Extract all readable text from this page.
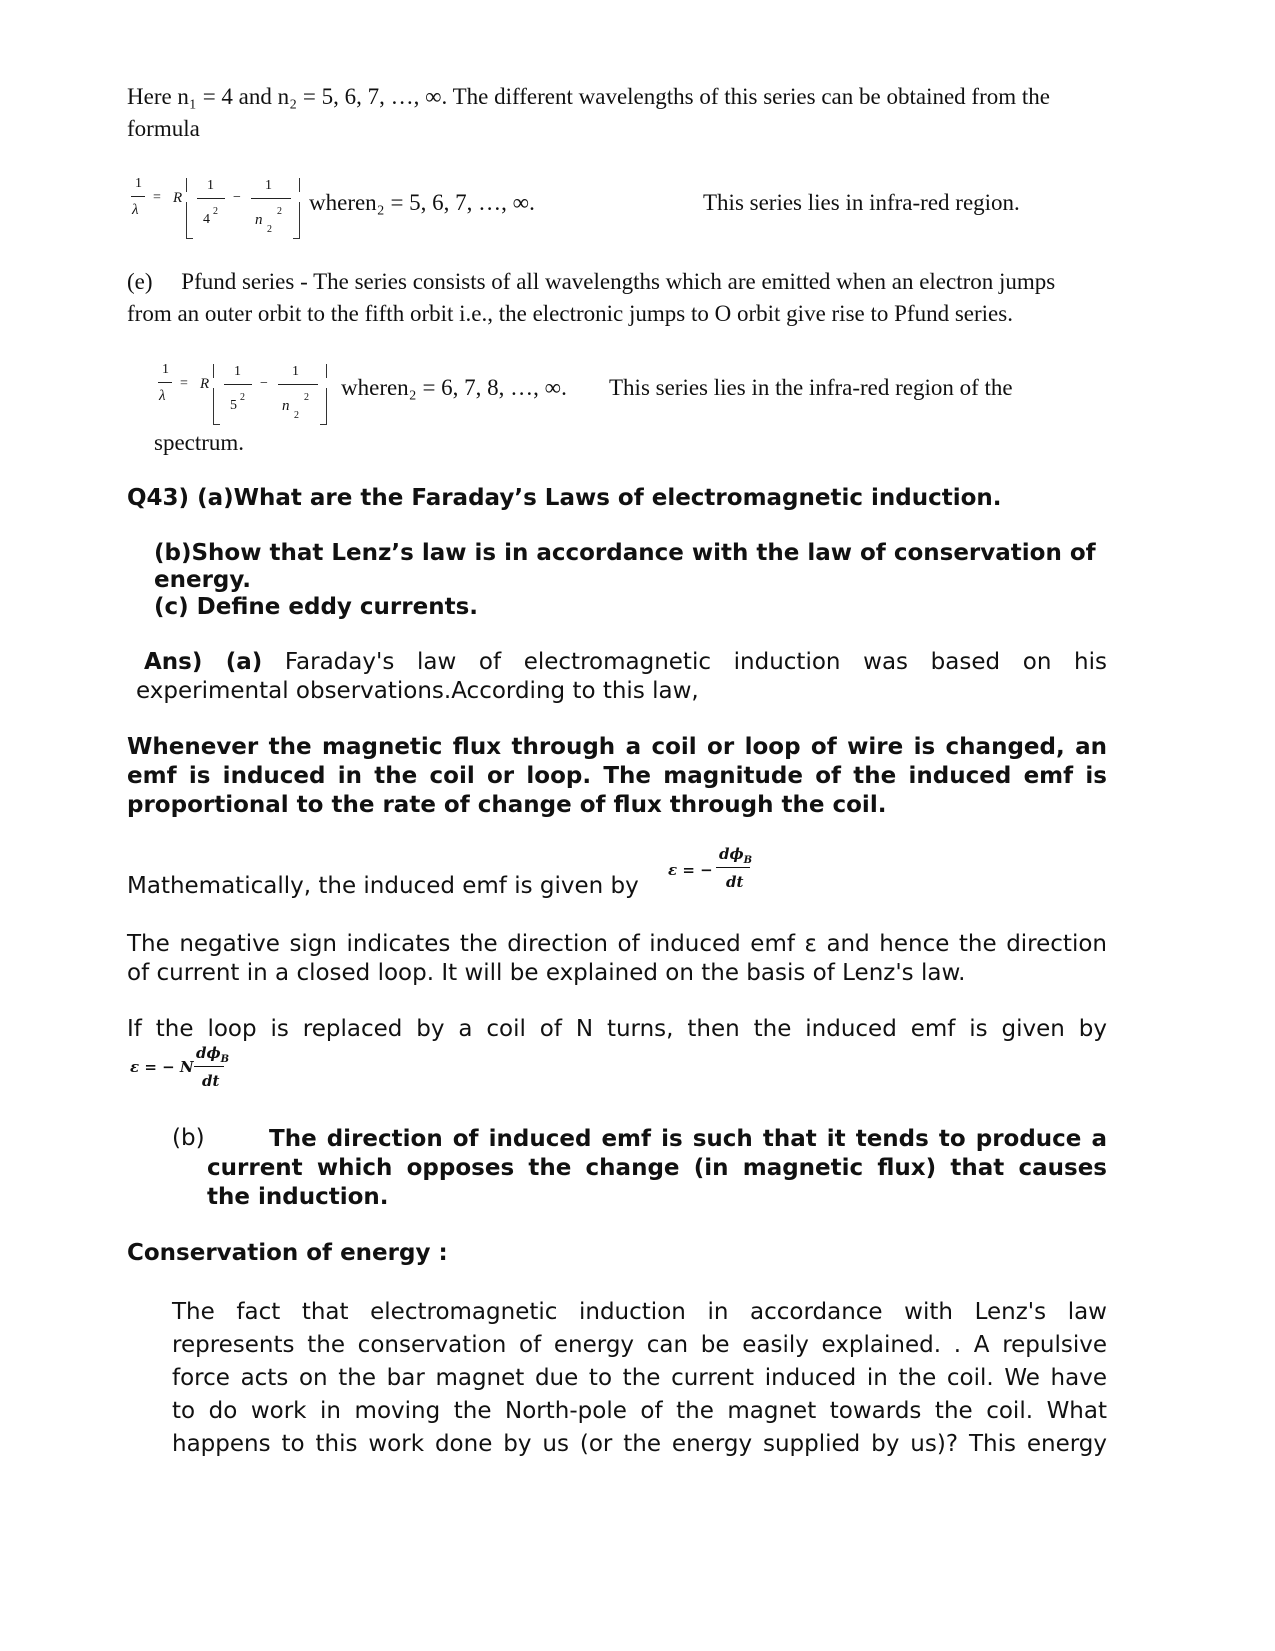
Here n₁ = 4 and n₂ = 5, 6, 7, …, ∞. The different wavelengths of this series can be obtained from the
formula
1
λ
= R
1
4
2
−
1
n
2
2 wheren₂ = 5, 6, 7, …, ∞.	This series lies in infra-red region.
(e)     Pfund series - The series consists of all wavelengths which are emitted when an electron jumps
from an outer orbit to the fifth orbit i.e., the electronic jumps to O orbit give rise to Pfund series.
1
λ
= R
1
5
2
−
1
n
2
2 wheren₂ = 6, 7, 8, …, ∞. This series lies in the infra-red region of the
spectrum.
Q43) (a)What are the Faraday’s Laws of electromagnetic induction.
(b)Show that Lenz’s law is in accordance with the law of conservation of
energy.
(c) Define eddy currents.
Ans) (a) Faraday's law of electromagnetic induction was based on his
experimental observations.According to this law,
Whenever the magnetic flux through a coil or loop of wire is changed, an
emf is induced in the coil or loop. The magnitude of the induced emf is
proportional to the rate of change of flux through the coil.
Mathematically, the induced emf is given by
ε = −
$d\phi_B$
dt
The negative sign indicates the direction of induced emf ε and hence the direction
of current in a closed loop. It will be explained on the basis of Lenz's law.
If the loop is replaced by a coil of N turns, then the induced emf is given by
ε = − N
$d\phi_B$
dt
(b)	The direction of induced emf is such that it tends to produce a
current which opposes the change (in magnetic flux) that causes
the induction.
Conservation of energy :
The fact that electromagnetic induction in accordance with Lenz's law
represents the conservation of energy can be easily explained. . A repulsive
force acts on the bar magnet due to the current induced in the coil. We have
to do work in moving the North-pole of the magnet towards the coil. What
happens to this work done by us (or the energy supplied by us)? This energy
